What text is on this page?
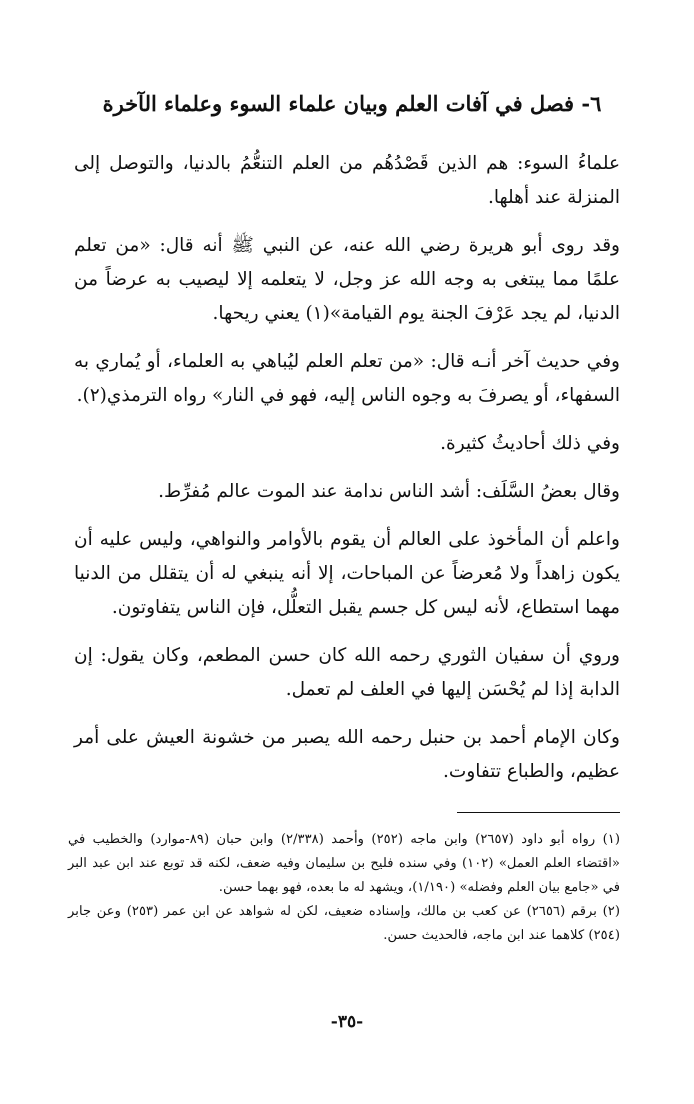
٦- فصل في آفات العلم وبيان علماء السوء وعلماء الآخرة

علماءُ السوء: هم الذين قَصْدُهُم من العلم التنعُّمُ بالدنيا، والتوصل إلى المنزلة عند أهلها.

وقد روى أبو هريرة رضي الله عنه، عن النبي ﷺ أنه قال: «من تعلم علمًا مما يبتغى به وجه الله عز وجل، لا يتعلمه إلا ليصيب به عرضاً من الدنيا، لم يجد عَرْفَ الجنة يوم القيامة»(١) يعني ريحها.

وفي حديث آخر أنـه قال: «من تعلم العلم ليُباهي به العلماء، أو يُماري به السفهاء، أو يصرفَ به وجوه الناس إليه، فهو في النار» رواه الترمذي(٢).

وفي ذلك أحاديثُ كثيرة.

وقال بعضُ السَّلَف: أشد الناس ندامة عند الموت عالم مُفرِّط.

واعلم أن المأخوذ على العالم أن يقوم بالأوامر والنواهي، وليس عليه أن يكون زاهداً ولا مُعرضاً عن المباحات، إلا أنه ينبغي له أن يتقلل من الدنيا مهما استطاع، لأنه ليس كل جسم يقبل التعلُّل، فإن الناس يتفاوتون.

وروي أن سفيان الثوري رحمه الله كان حسن المطعم، وكان يقول: إن الدابة إذا لم يُحْسَن إليها في العلف لم تعمل.

وكان الإمام أحمد بن حنبل رحمه الله يصبر من خشونة العيش على أمر عظيم، والطباع تتفاوت.

(١) رواه أبو داود (٢٦٥٧) وابن ماجه (٢٥٢) وأحمد (٢/٣٣٨) وابن حبان (٨٩-موارد) والخطيب في «اقتضاء العلم العمل» (١٠٢) وفي سنده فليح بن سليمان وفيه ضعف، لكنه قد توبع عند ابن عبد البر في «جامع بيان العلم وفضله» (١/١٩٠)، ويشهد له ما بعده، فهو بهما حسن.

(٢) برقم (٢٦٥٦) عن كعب بن مالك، وإسناده ضعيف، لكن له شواهد عن ابن عمر (٢٥٣) وعن جابر (٢٥٤) كلاهما عند ابن ماجه، فالحديث حسن.

-٣٥-
